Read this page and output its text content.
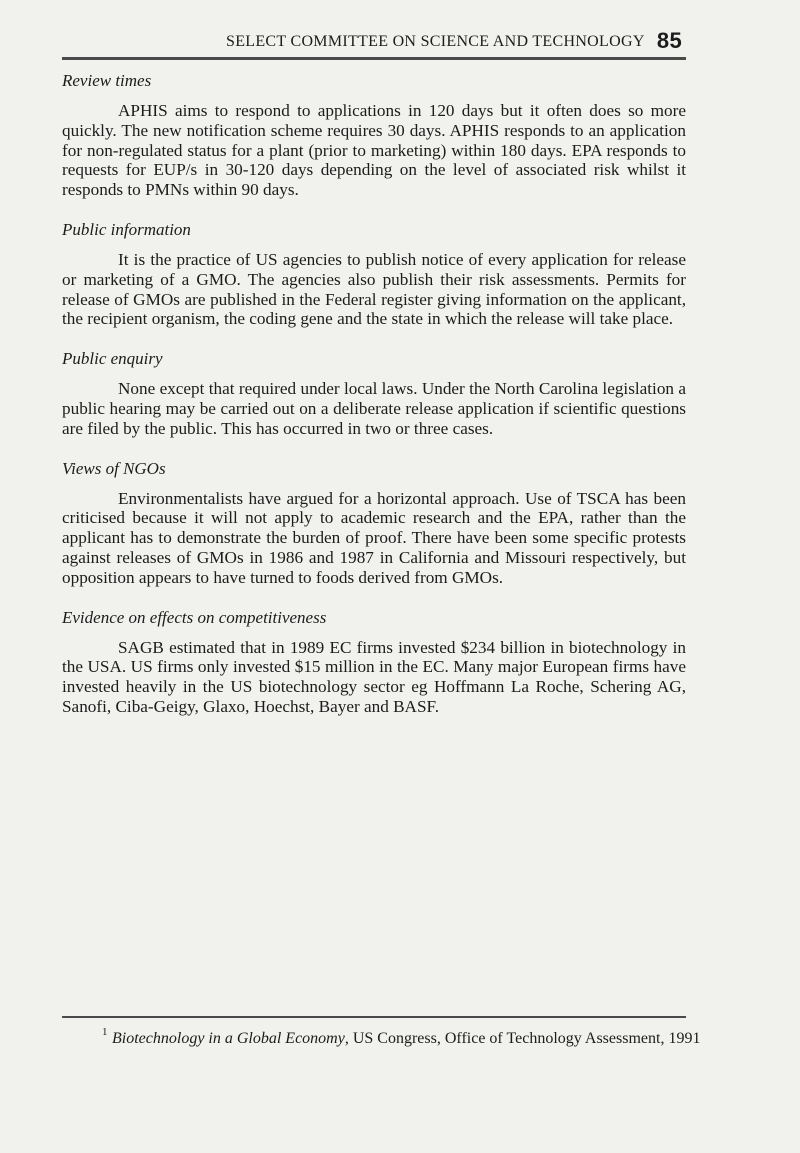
SELECT COMMITTEE ON SCIENCE AND TECHNOLOGY 85
Review times

APHIS aims to respond to applications in 120 days but it often does so more quickly. The new notification scheme requires 30 days. APHIS responds to an application for non-regulated status for a plant (prior to marketing) within 180 days. EPA responds to requests for EUP/s in 30-120 days depending on the level of associated risk whilst it responds to PMNs within 90 days.

Public information

It is the practice of US agencies to publish notice of every application for release or marketing of a GMO. The agencies also publish their risk assessments. Permits for release of GMOs are published in the Federal register giving information on the applicant, the recipient organism, the coding gene and the state in which the release will take place.

Public enquiry

None except that required under local laws. Under the North Carolina legislation a public hearing may be carried out on a deliberate release application if scientific questions are filed by the public. This has occurred in two or three cases.

Views of NGOs

Environmentalists have argued for a horizontal approach. Use of TSCA has been criticised because it will not apply to academic research and the EPA, rather than the applicant has to demonstrate the burden of proof. There have been some specific protests against releases of GMOs in 1986 and 1987 in California and Missouri respectively, but opposition appears to have turned to foods derived from GMOs.

Evidence on effects on competitiveness

SAGB estimated that in 1989 EC firms invested $234 billion in biotechnology in the USA. US firms only invested $15 million in the EC. Many major European firms have invested heavily in the US biotechnology sector eg Hoffmann La Roche, Schering AG, Sanofi, Ciba-Geigy, Glaxo, Hoechst, Bayer and BASF.

1 Biotechnology in a Global Economy, US Congress, Office of Technology Assessment, 1991
